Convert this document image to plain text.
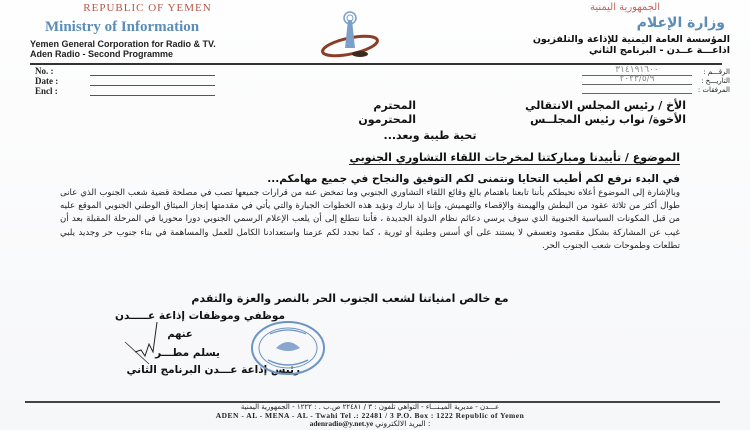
REPUBLIC OF YEMEN
Ministry of Information
Yemen General Corporation for Radio & TV.
Aden Radio - Second Programme
الجمهورية اليمنية
وزارة الإعلام
المؤسسة العامة اليمنية للإذاعة والتلفزيون
اذاعـــة عــدن - البرنامج الثاني
No. :
Date :
Encl :
الرقـــم :
٣١٤١٩١٦٠٠
التاريـــخ :
٢٠٢٣/٥/٩
المرفقات :
الأخ / رئيس المجلس الانتقالي
المحترم
الأخوة/ نواب رئيس المجلــس
المحترمون
تحية طيبة وبعد...
الموضوع / تأييدنا ومباركتنا لمخرجات اللقاء التشاوري الجنوبي
في البدء نرفع لكم أطيب التحايا ونتمنى لكم التوفيق والنجاح في جميع مهامكم...
وبالإشارة إلى الموضوع أعلاه نحيطكم بأننا تابعنا باهتمام بالغ وقائع اللقاء التشاوري الجنوبي وما تمخض عنه من قرارات جميعها تصب في مصلحة قضية شعب الجنوب الذي عانى طوال أكثر من ثلاثة عقود من البطش والهيمنة والإقصاء والتهميش، وإننا إذ نبارك ونؤيد هذه الخطوات الجبارة والتي يأتي في مقدمتها إنجاز الميثاق الوطني الجنوبي الموقع عليه من قبل المكونات السياسية الجنوبية الذي سوف يرسي دعائم نظام الدولة الجديدة ، فأننا نتطلع إلى أن يلعب الإعلام الرسمي الجنوبي دورا محوريا في المرحلة المقبلة بعد أن غيب عن المشاركة بشكل مقصود وتعسفي لا يستند على أي أسس وطنية أو ثورية ، كما نجدد لكم عزمنا واستعدادنا الكامل للعمل والمساهمة في بناء جنوب حر وجديد يلبي تطلعات وطموحات شعب الجنوب الحر.
مع خالص امنياتنا لشعب الجنوب الحر بالنصر والعزة والتقدم
موظفي وموظفات إذاعة عـــــدن
عنهم
يسلم مطـــر
رئيس إذاعة عـــدن البرنامج الثاني
عـــدن - مديرية الميـنـــاء - التواهي تلفون : ٣ / ٢٢٤٨١ ص.ب . : ١٢٢٢ - الجمهورية اليمنية
ADEN - AL - MENA - AL - Twahi Tel .: 22481 / 3 P.O. Box : 1222 Republic of Yemen
adenradio@y.net.ye : البريد الالكتروني
